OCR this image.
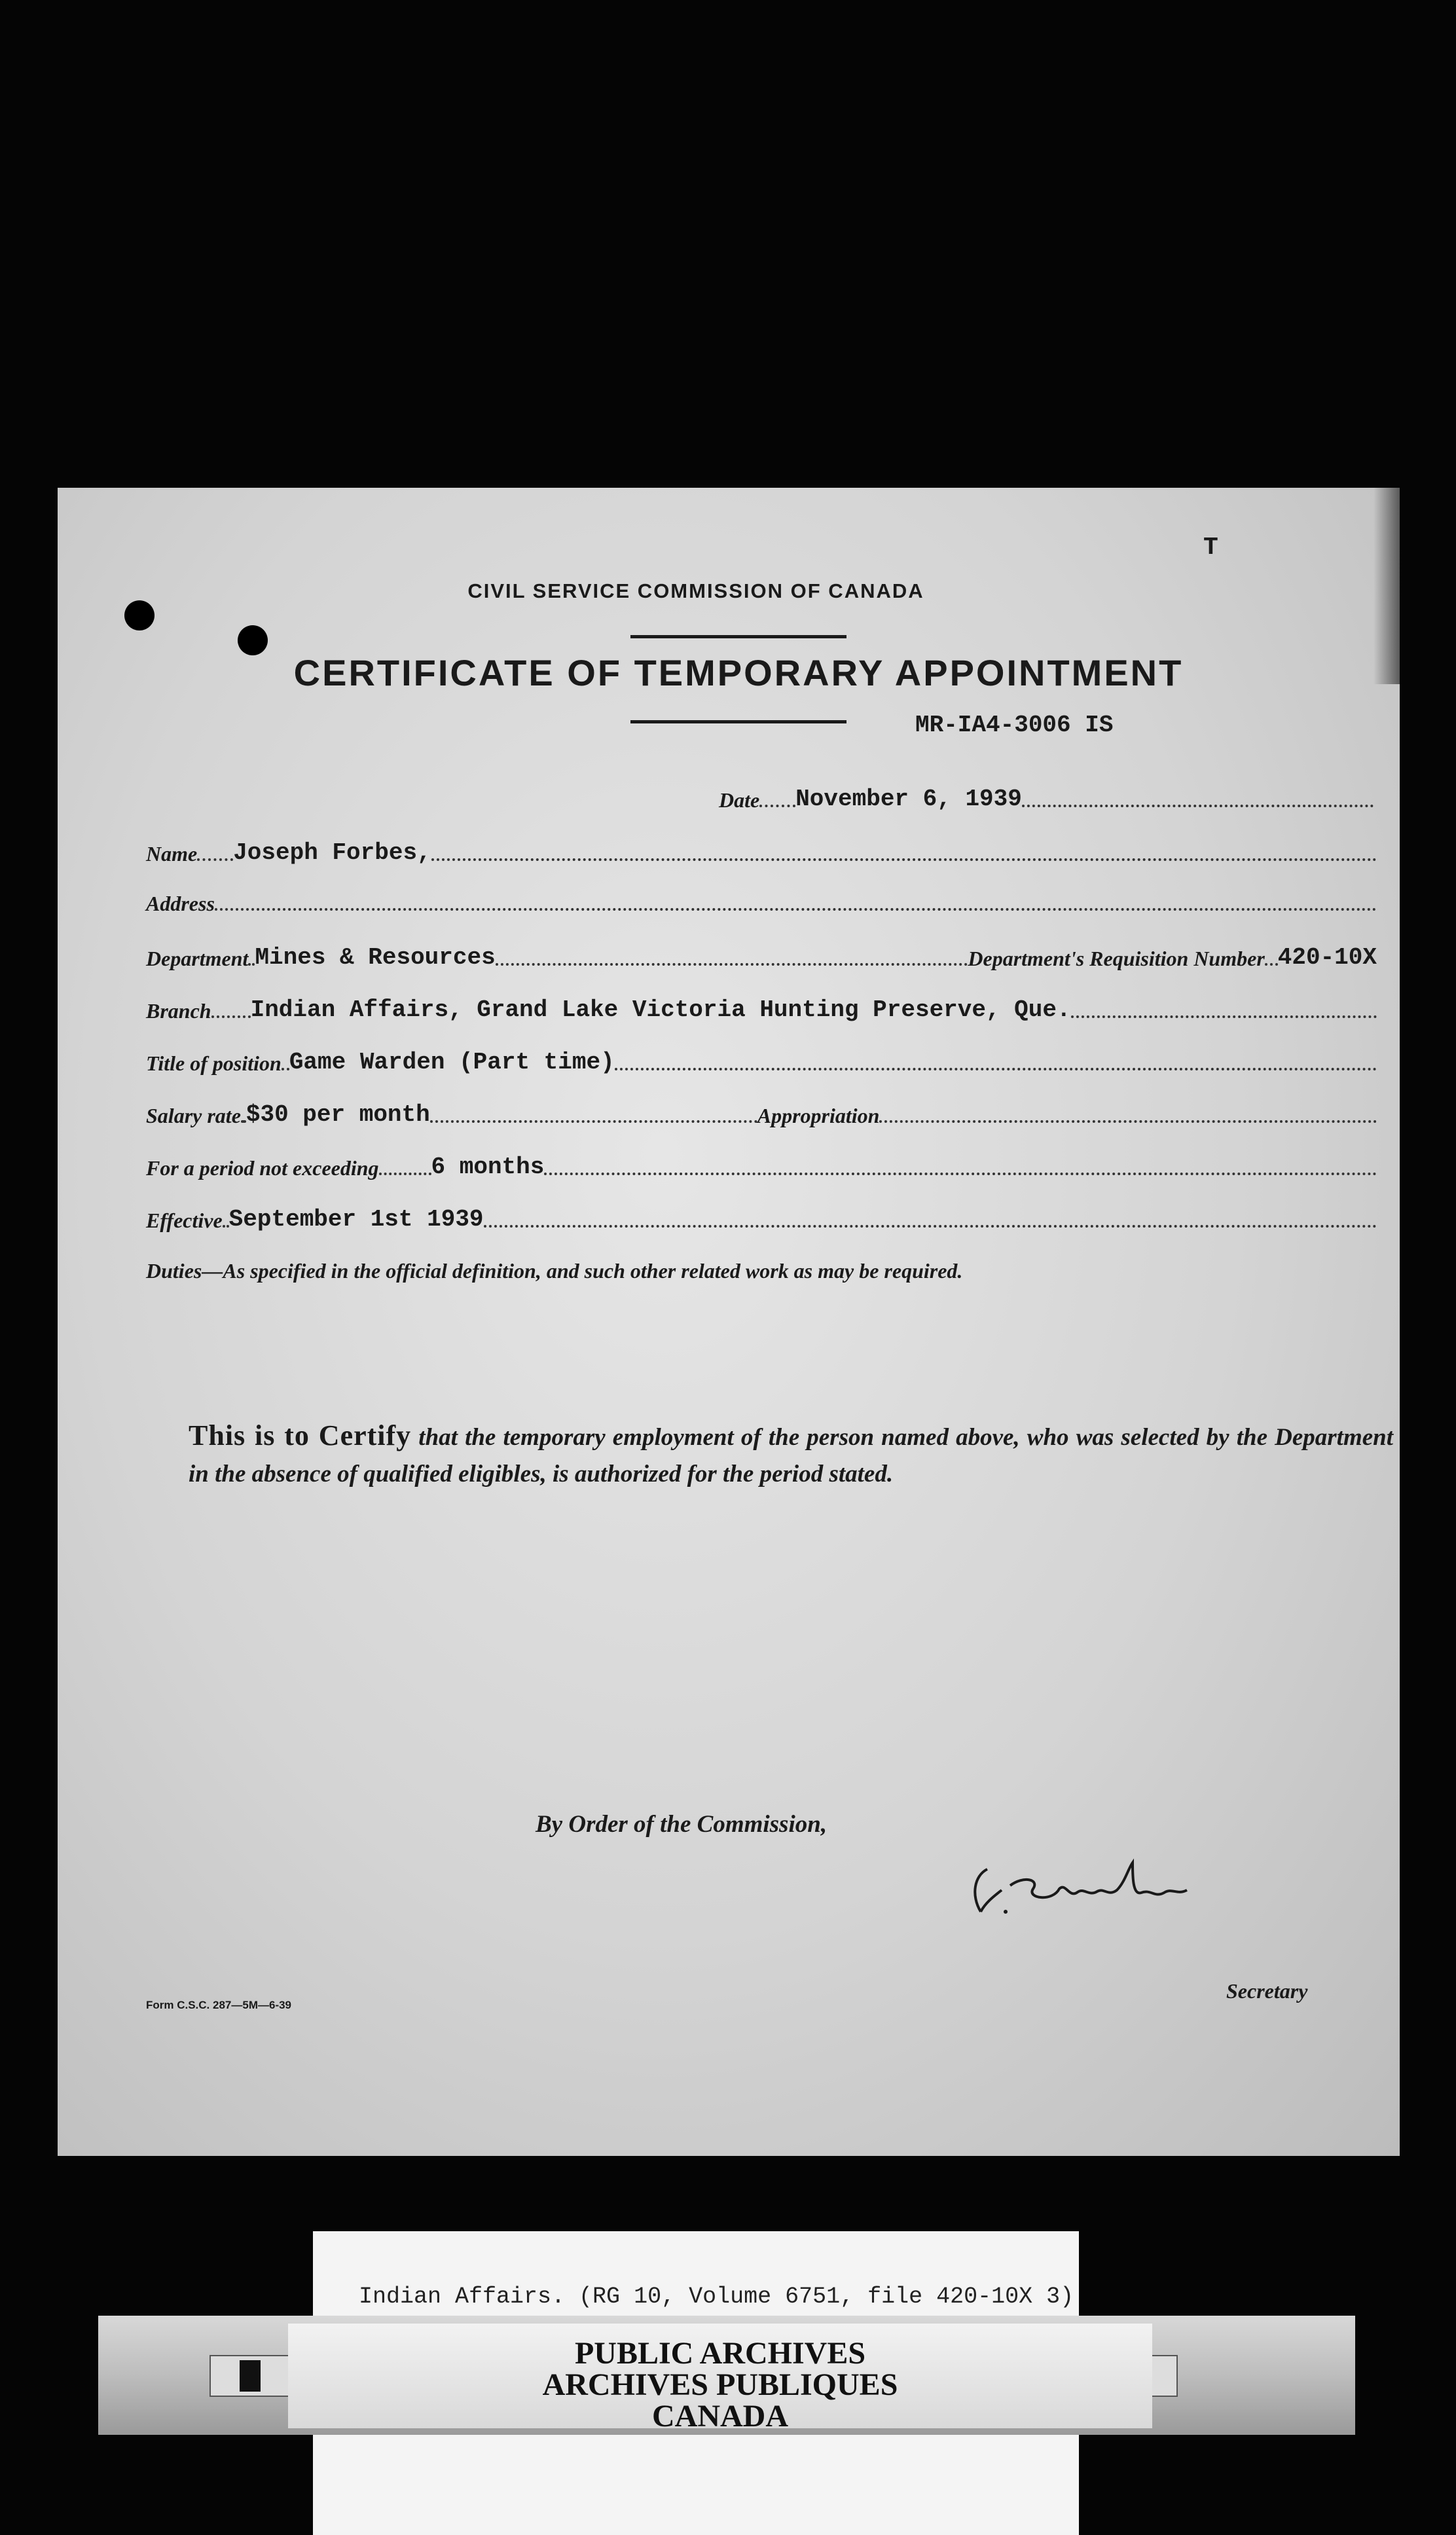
T
CIVIL SERVICE COMMISSION OF CANADA
CERTIFICATE OF TEMPORARY APPOINTMENT
MR-IA4-3006 IS
Date November 6, 1939
Name Joseph Forbes,
Address
Department Mines & Resources	Department's Requisition Number 420-10X
Branch Indian Affairs, Grand Lake Victoria Hunting Preserve, Que.
Title of position Game Warden (Part time)
Salary rate $30 per month	Appropriation
For a period not exceeding 6 months
Effective September 1st 1939
Duties—As specified in the official definition, and such other related work as may be required.
This is to Certify that the temporary employment of the person named above, who was selected by the Department in the absence of qualified eligibles, is authorized for the period stated.
By Order of the Commission,
Secretary
Form C.S.C. 287—5M—6-39
Indian Affairs. (RG 10, Volume 6751, file 420-10X 3)
PUBLIC ARCHIVES
ARCHIVES PUBLIQUES
CANADA
